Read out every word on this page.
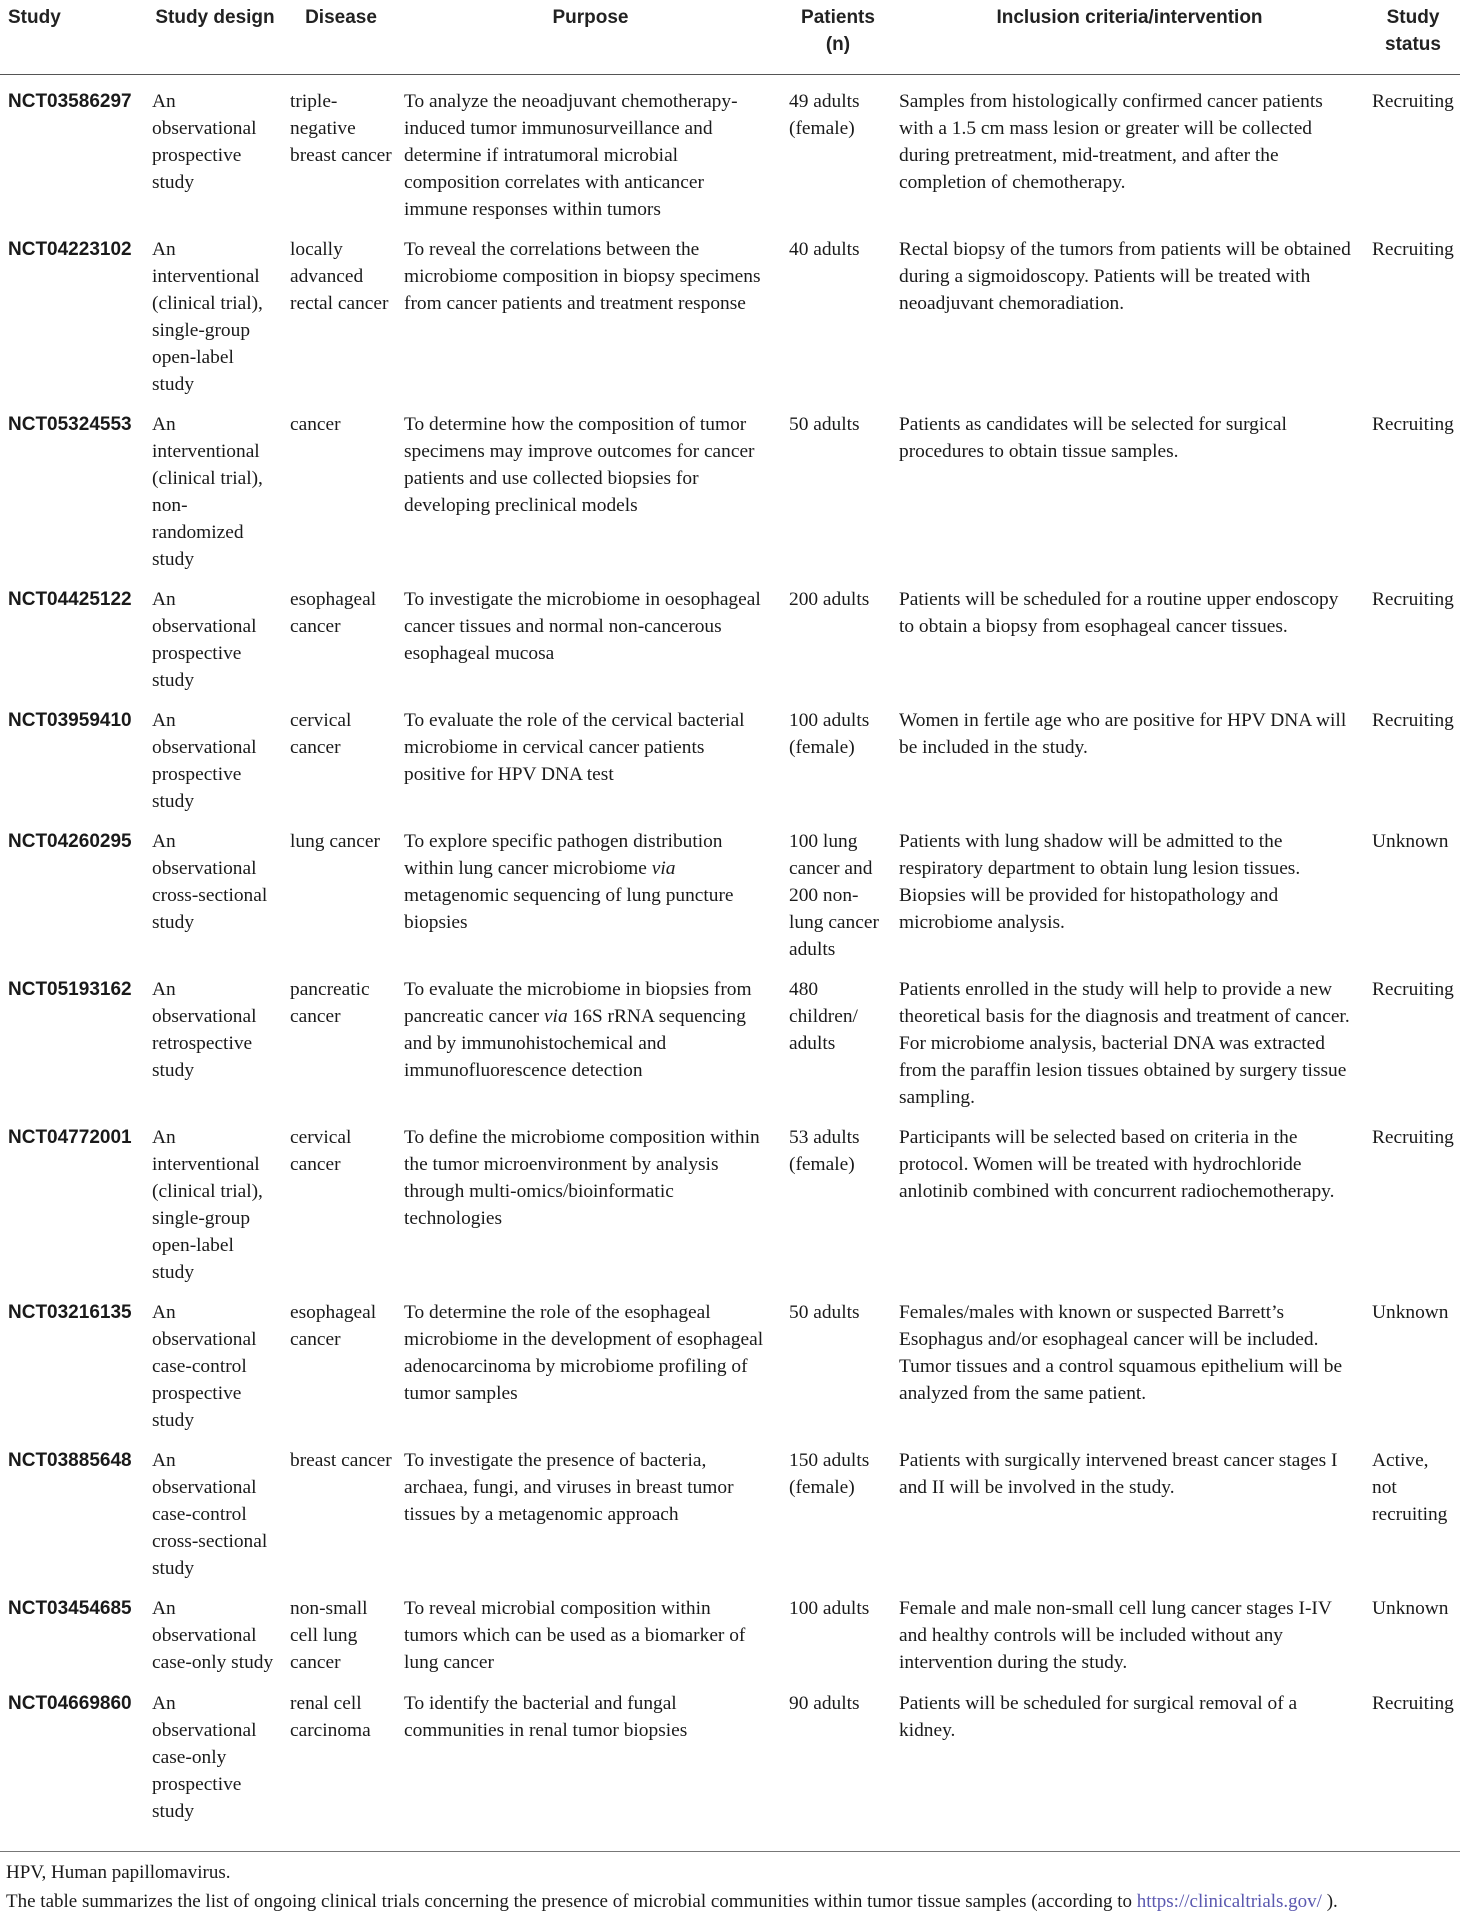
Study	Study design	Disease	Purpose	Patients (n)	Inclusion criteria/intervention	Study status
NCT03586297	An observational prospective study	triple-negative breast cancer	To analyze the neoadjuvant chemotherapy-induced tumor immunosurveillance and determine if intratumoral microbial composition correlates with anticancer immune responses within tumors	49 adults (female)	Samples from histologically confirmed cancer patients with a 1.5 cm mass lesion or greater will be collected during pretreatment, mid-treatment, and after the completion of chemotherapy.	Recruiting
NCT04223102	An interventional (clinical trial), single-group open-label study	locally advanced rectal cancer	To reveal the correlations between the microbiome composition in biopsy specimens from cancer patients and treatment response	40 adults	Rectal biopsy of the tumors from patients will be obtained during a sigmoidoscopy. Patients will be treated with neoadjuvant chemoradiation.	Recruiting
NCT05324553	An interventional (clinical trial), non-randomized study	cancer	To determine how the composition of tumor specimens may improve outcomes for cancer patients and use collected biopsies for developing preclinical models	50 adults	Patients as candidates will be selected for surgical procedures to obtain tissue samples.	Recruiting
NCT04425122	An observational prospective study	esophageal cancer	To investigate the microbiome in oesophageal cancer tissues and normal non-cancerous esophageal mucosa	200 adults	Patients will be scheduled for a routine upper endoscopy to obtain a biopsy from esophageal cancer tissues.	Recruiting
NCT03959410	An observational prospective study	cervical cancer	To evaluate the role of the cervical bacterial microbiome in cervical cancer patients positive for HPV DNA test	100 adults (female)	Women in fertile age who are positive for HPV DNA will be included in the study.	Recruiting
NCT04260295	An observational cross-sectional study	lung cancer	To explore specific pathogen distribution within lung cancer microbiome via metagenomic sequencing of lung puncture biopsies	100 lung cancer and 200 non-lung cancer adults	Patients with lung shadow will be admitted to the respiratory department to obtain lung lesion tissues. Biopsies will be provided for histopathology and microbiome analysis.	Unknown
NCT05193162	An observational retrospective study	pancreatic cancer	To evaluate the microbiome in biopsies from pancreatic cancer via 16S rRNA sequencing and by immunohistochemical and immunofluorescence detection	480 children/ adults	Patients enrolled in the study will help to provide a new theoretical basis for the diagnosis and treatment of cancer. For microbiome analysis, bacterial DNA was extracted from the paraffin lesion tissues obtained by surgery tissue sampling.	Recruiting
NCT04772001	An interventional (clinical trial), single-group open-label study	cervical cancer	To define the microbiome composition within the tumor microenvironment by analysis through multi-omics/bioinformatic technologies	53 adults (female)	Participants will be selected based on criteria in the protocol. Women will be treated with hydrochloride anlotinib combined with concurrent radiochemotherapy.	Recruiting
NCT03216135	An observational case-control prospective study	esophageal cancer	To determine the role of the esophageal microbiome in the development of esophageal adenocarcinoma by microbiome profiling of tumor samples	50 adults	Females/males with known or suspected Barrett’s Esophagus and/or esophageal cancer will be included. Tumor tissues and a control squamous epithelium will be analyzed from the same patient.	Unknown
NCT03885648	An observational case-control cross-sectional study	breast cancer	To investigate the presence of bacteria, archaea, fungi, and viruses in breast tumor tissues by a metagenomic approach	150 adults (female)	Patients with surgically intervened breast cancer stages I and II will be involved in the study.	Active, not recruiting
NCT03454685	An observational case-only study	non-small cell lung cancer	To reveal microbial composition within tumors which can be used as a biomarker of lung cancer	100 adults	Female and male non-small cell lung cancer stages I-IV and healthy controls will be included without any intervention during the study.	Unknown
NCT04669860	An observational case-only prospective study	renal cell carcinoma	To identify the bacterial and fungal communities in renal tumor biopsies	90 adults	Patients will be scheduled for surgical removal of a kidney.	Recruiting
HPV, Human papillomavirus.
The table summarizes the list of ongoing clinical trials concerning the presence of microbial communities within tumor tissue samples (according to https://clinicaltrials.gov/ ).
